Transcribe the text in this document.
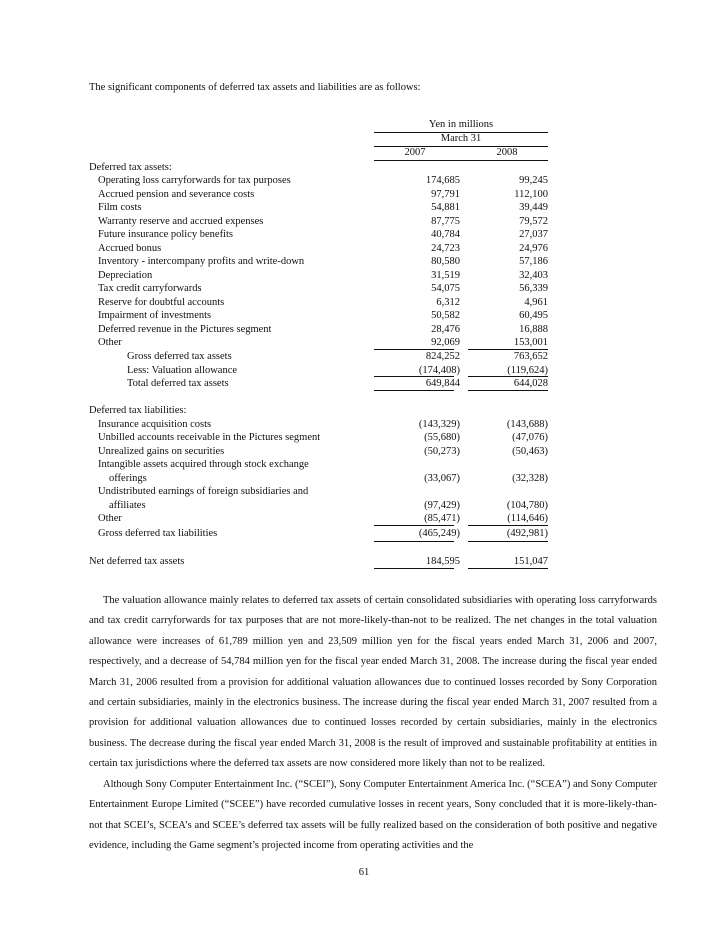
The significant components of deferred tax assets and liabilities are as follows:
Yen in millions
March 31
2007	2008
Deferred tax assets:
Operating loss carryforwards for tax purposes	174,685	99,245
Accrued pension and severance costs	97,791	112,100
Film costs	54,881	39,449
Warranty reserve and accrued expenses	87,775	79,572
Future insurance policy benefits	40,784	27,037
Accrued bonus	24,723	24,976
Inventory - intercompany profits and write-down	80,580	57,186
Depreciation	31,519	32,403
Tax credit carryforwards	54,075	56,339
Reserve for doubtful accounts	6,312	4,961
Impairment of investments	50,582	60,495
Deferred revenue in the Pictures segment	28,476	16,888
Other	92,069	153,001
Gross deferred tax assets	824,252	763,652
Less: Valuation allowance	(174,408)	(119,624)
Total deferred tax assets	649,844	644,028
Deferred tax liabilities:
Insurance acquisition costs	(143,329)	(143,688)
Unbilled accounts receivable in the Pictures segment	(55,680)	(47,076)
Unrealized gains on securities	(50,273)	(50,463)
Intangible assets acquired through stock exchange
offerings	(33,067)	(32,328)
Undistributed earnings of foreign subsidiaries and
affiliates	(97,429)	(104,780)
Other	(85,471)	(114,646)
Gross deferred tax liabilities	(465,249)	(492,981)
Net deferred tax assets	184,595	151,047

The valuation allowance mainly relates to deferred tax assets of certain consolidated subsidiaries with operating loss carryforwards and tax credit carryforwards for tax purposes that are not more-likely-than-not to be realized. The net changes in the total valuation allowance were increases of 61,789 million yen and 23,509 million yen for the fiscal years ended March 31, 2006 and 2007, respectively, and a decrease of 54,784 million yen for the fiscal year ended March 31, 2008. The increase during the fiscal year ended March 31, 2006 resulted from a provision for additional valuation allowances due to continued losses recorded by Sony Corporation and certain subsidiaries, mainly in the electronics business. The increase during the fiscal year ended March 31, 2007 resulted from a provision for additional valuation allowances due to continued losses recorded by certain subsidiaries, mainly in the electronics business. The decrease during the fiscal year ended March 31, 2008 is the result of improved and sustainable profitability at entities in certain tax jurisdictions where the deferred tax assets are now considered more likely than not to be realized.

Although Sony Computer Entertainment Inc. (“SCEI”), Sony Computer Entertainment America Inc. (“SCEA”) and Sony Computer Entertainment Europe Limited (“SCEE”) have recorded cumulative losses in recent years, Sony concluded that it is more-likely-than-not that SCEI’s, SCEA’s and SCEE’s deferred tax assets will be fully realized based on the consideration of both positive and negative evidence, including the Game segment’s projected income from operating activities and the

61
